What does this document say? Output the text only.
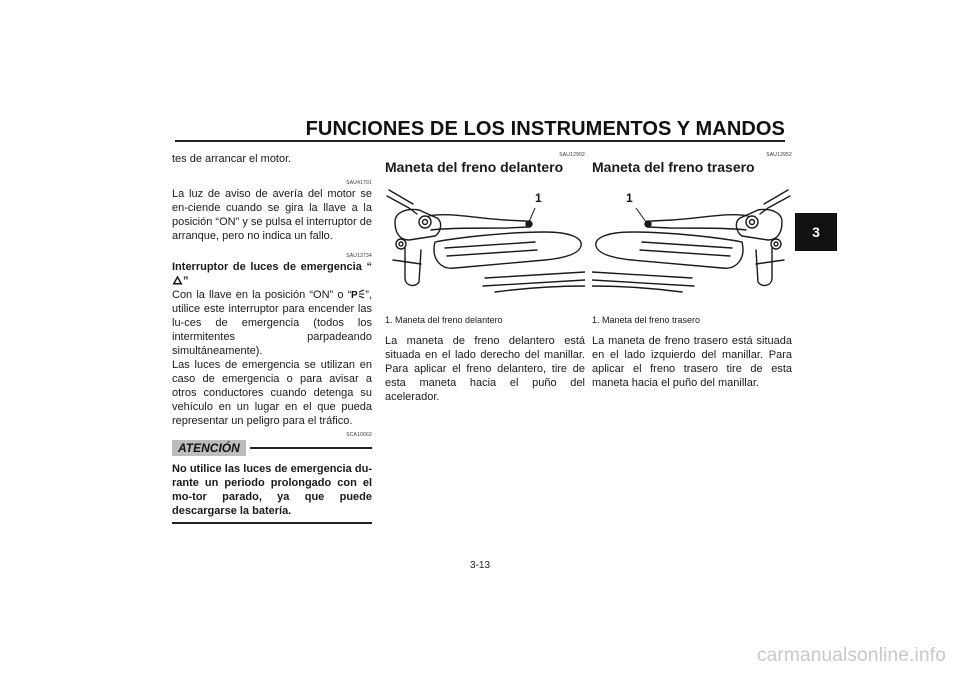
FUNCIONES DE LOS INSTRUMENTOS Y MANDOS
3

tes de arrancar el motor.

SAU41701

La luz de aviso de avería del motor se en-ciende cuando se gira la llave a la posición “ON” y se pulsa el interruptor de arranque, pero no indica un fallo.

SAU12734

Interruptor de luces de emergencia “”

Con la llave en la posición “ON” o “ P ”, utilice este interruptor para encender las lu-ces de emergencia (todos los intermitentes parpadeando simultáneamente).

Las luces de emergencia se utilizan en caso de emergencia o para avisar a otros conductores cuando detenga su vehículo en un lugar en el que pueda representar un peligro para el tráfico.

SCA10062
ATENCIÓN
No utilice las luces de emergencia du-rante un periodo prolongado con el mo-tor parado, ya que puede descargarse la batería.
SAU12902

Maneta del freno delantero

1
1. Maneta del freno delantero

La maneta de freno delantero está situada en el lado derecho del manillar. Para aplicar el freno delantero, tire de esta maneta hacia el puño del acelerador.

SAU12952

Maneta del freno trasero

1
1. Maneta del freno trasero

La maneta de freno trasero está situada en el lado izquierdo del manillar. Para aplicar el freno trasero tire de esta maneta hacia el puño del manillar.

3-13
carmanualsonline.info
